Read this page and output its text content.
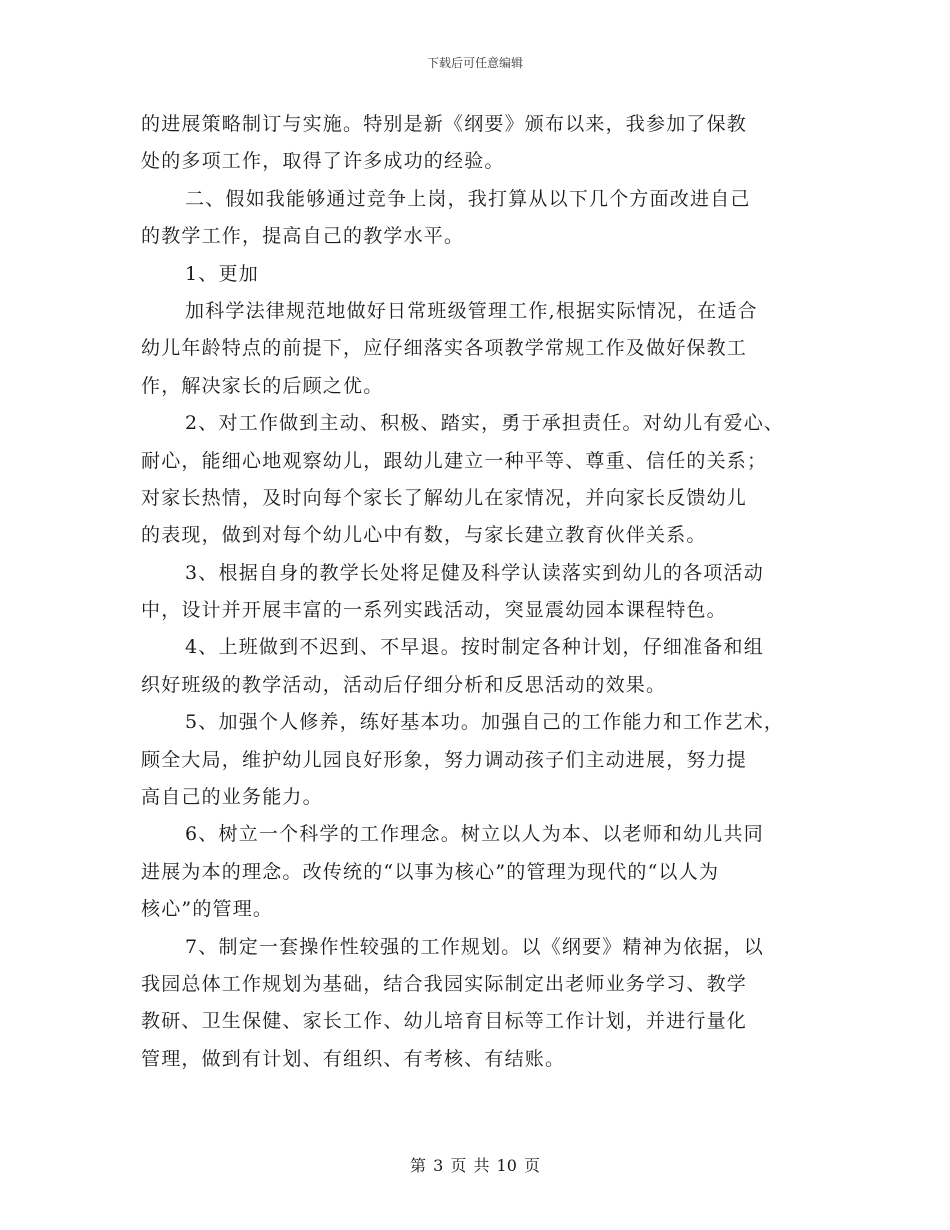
下载后可任意编辑
的进展策略制订与实施。特别是新《纲要》颁布以来，我参加了保教
处的多项工作，取得了许多成功的经验。
二、假如我能够通过竞争上岗，我打算从以下几个方面改进自己
的教学工作，提高自己的教学水平。
1、更加
加科学法律规范地做好日常班级管理工作,根据实际情况，在适合
幼儿年龄特点的前提下，应仔细落实各项教学常规工作及做好保教工
作，解决家长的后顾之优。
2、对工作做到主动、积极、踏实，勇于承担责任。对幼儿有爱心、
耐心，能细心地观察幼儿，跟幼儿建立一种平等、尊重、信任的关系；
对家长热情，及时向每个家长了解幼儿在家情况，并向家长反馈幼儿
的表现，做到对每个幼儿心中有数，与家长建立教育伙伴关系。
3、根据自身的教学长处将足健及科学认读落实到幼儿的各项活动
中，设计并开展丰富的一系列实践活动，突显震幼园本课程特色。
4、上班做到不迟到、不早退。按时制定各种计划，仔细准备和组
织好班级的教学活动，活动后仔细分析和反思活动的效果。
5、加强个人修养，练好基本功。加强自己的工作能力和工作艺术，
顾全大局，维护幼儿园良好形象，努力调动孩子们主动进展，努力提
高自己的业务能力。
6、树立一个科学的工作理念。树立以人为本、以老师和幼儿共同
进展为本的理念。改传统的“以事为核心”的管理为现代的“以人为
核心”的管理。
7、制定一套操作性较强的工作规划。以《纲要》精神为依据，以
我园总体工作规划为基础，结合我园实际制定出老师业务学习、教学
教研、卫生保健、家长工作、幼儿培育目标等工作计划，并进行量化
管理，做到有计划、有组织、有考核、有结账。
第 3 页 共 10 页
